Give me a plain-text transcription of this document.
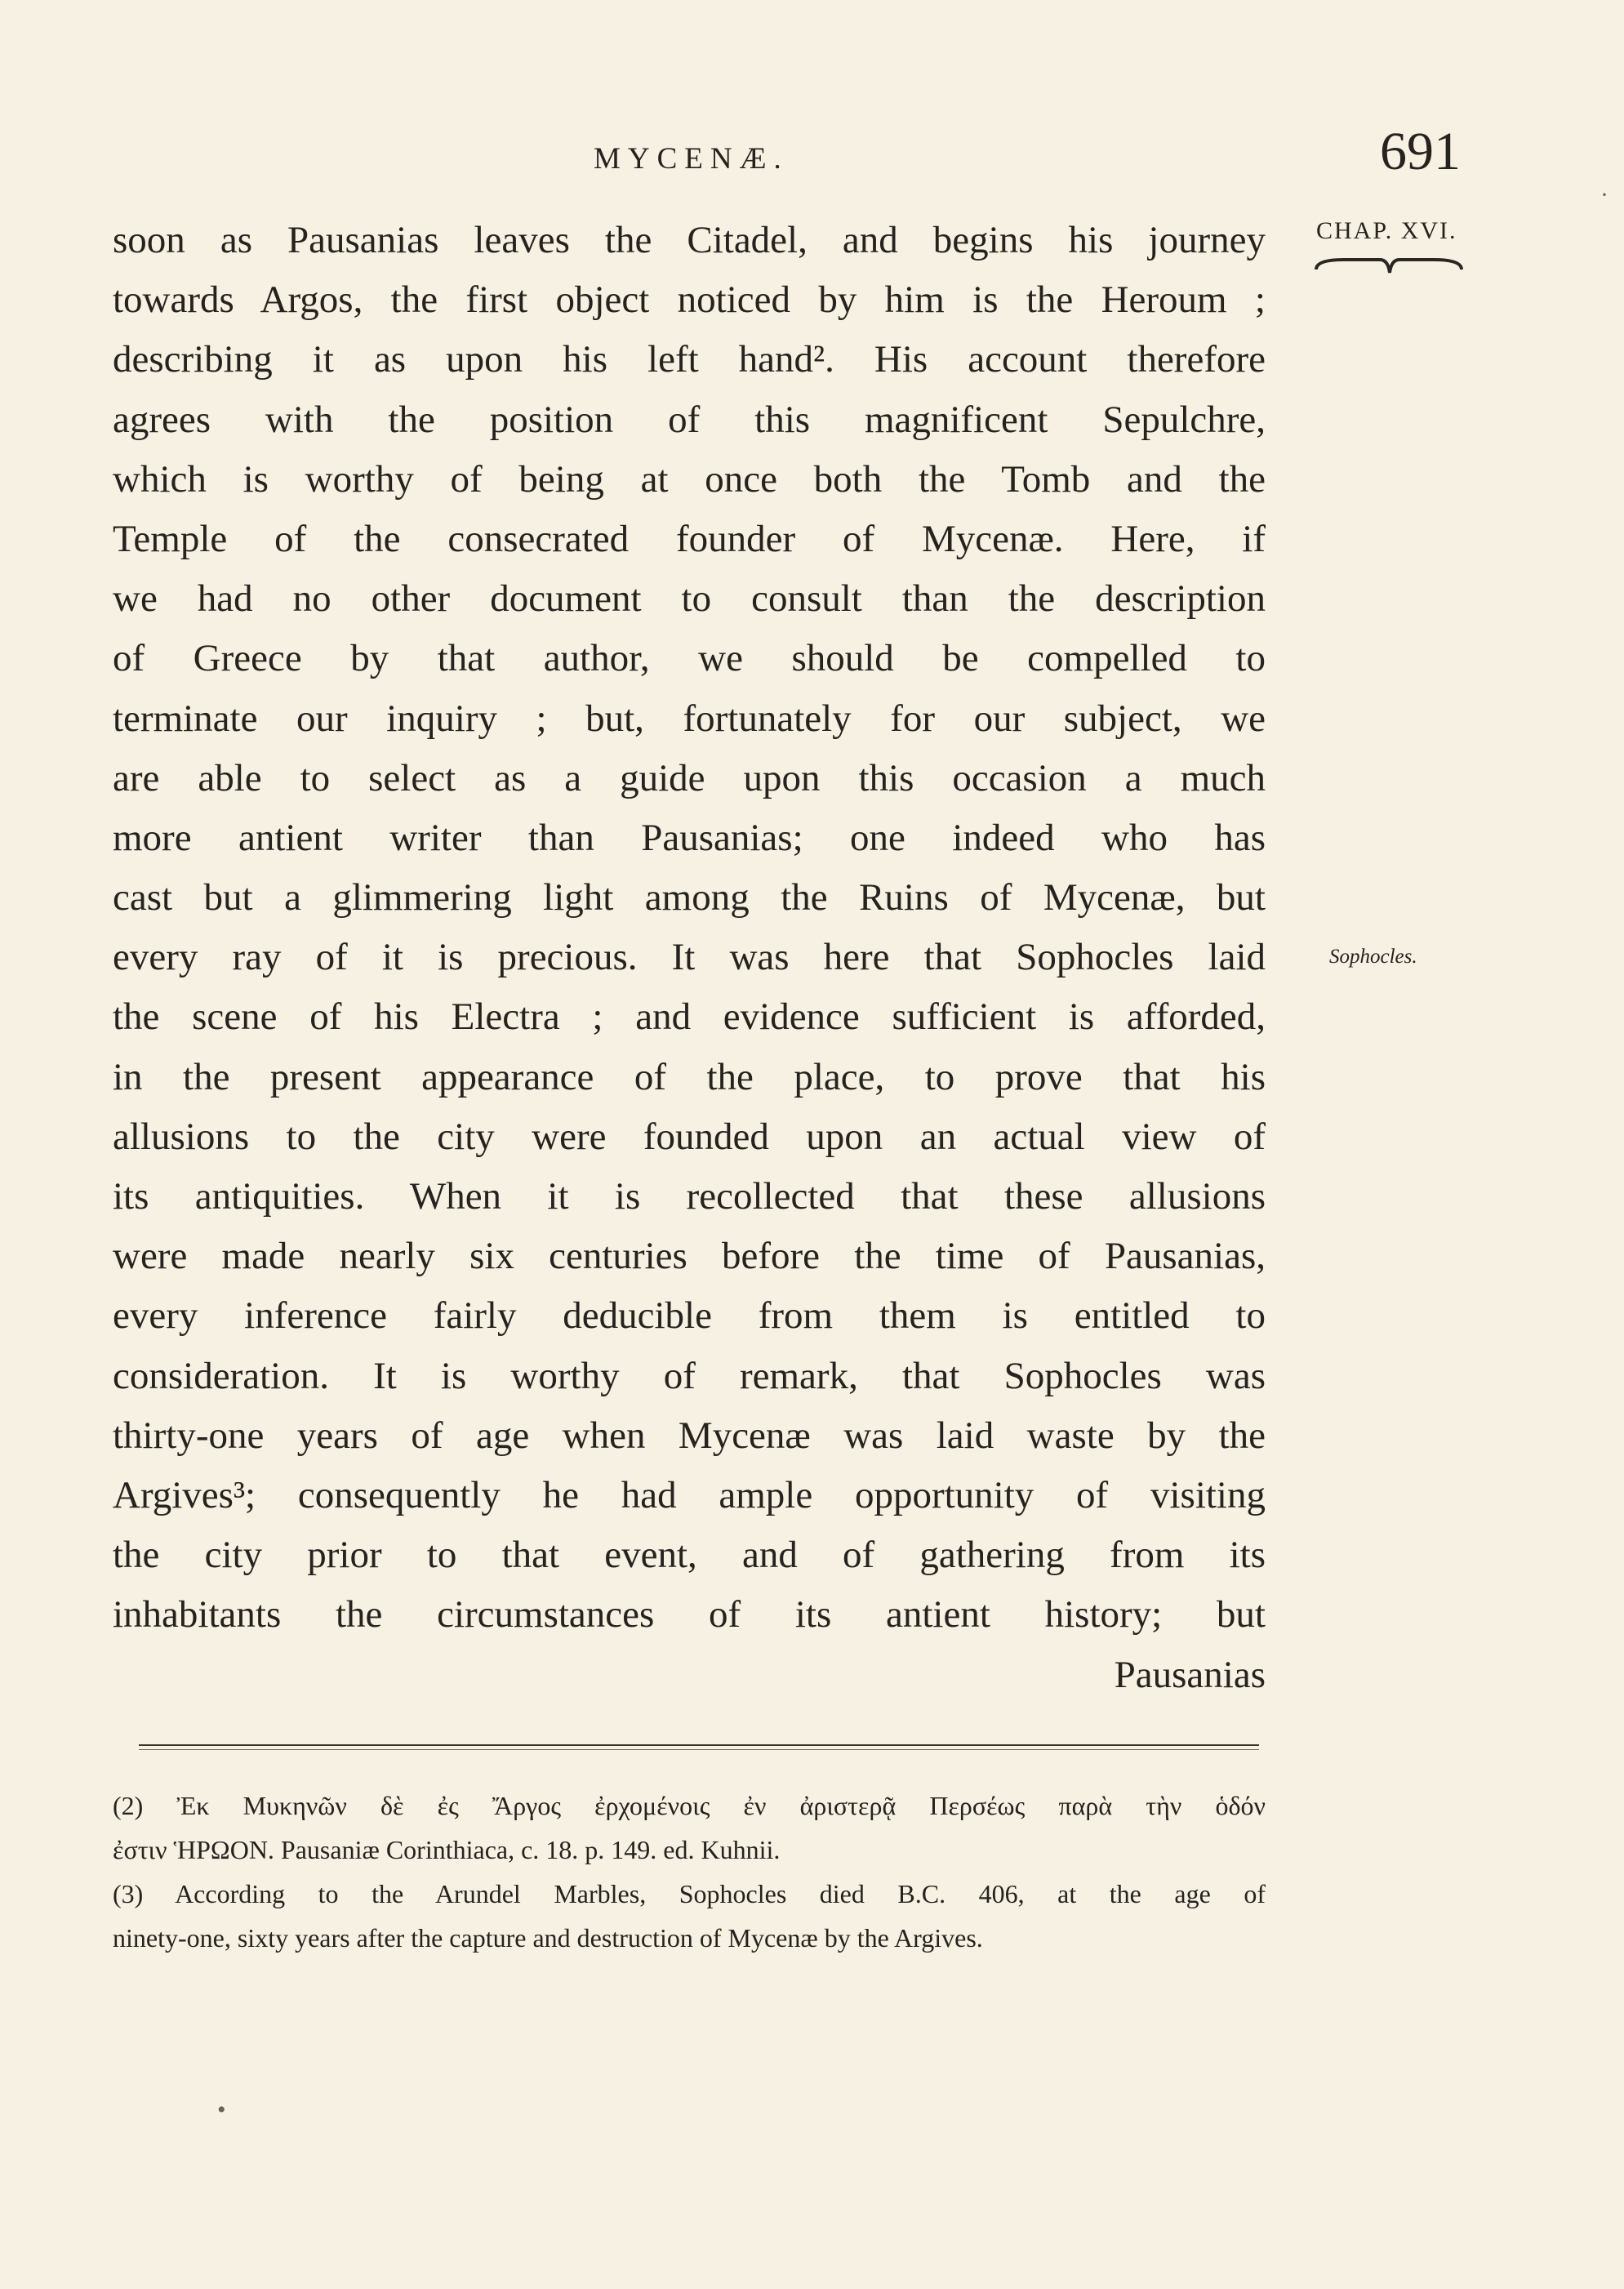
MYCENÆ.	691
CHAP. XVI.
Sophocles.
soon as Pausanias leaves the Citadel, and begins his journey
towards Argos, the first object noticed by him is the Heroum ;
describing it as upon his left hand². His account therefore
agrees with the position of this magnificent Sepulchre,
which is worthy of being at once both the Tomb and the
Temple of the consecrated founder of Mycenæ. Here, if
we had no other document to consult than the description
of Greece by that author, we should be compelled to
terminate our inquiry ; but, fortunately for our subject, we
are able to select as a guide upon this occasion a much
more antient writer than Pausanias; one indeed who has
cast but a glimmering light among the Ruins of Mycenæ, but
every ray of it is precious. It was here that Sophocles laid
the scene of his Electra ; and evidence sufficient is afforded,
in the present appearance of the place, to prove that his
allusions to the city were founded upon an actual view of
its antiquities. When it is recollected that these allusions
were made nearly six centuries before the time of Pausanias,
every inference fairly deducible from them is entitled to
consideration. It is worthy of remark, that Sophocles was
thirty-one years of age when Mycenæ was laid waste by the
Argives³; consequently he had ample opportunity of visiting
the city prior to that event, and of gathering from its
inhabitants the circumstances of its antient history; but
Pausanias
(2) Ἐκ Μυκηνῶν δὲ ἐς Ἄργος ἐρχομένοις ἐν ἀριστερᾷ Περσέως παρὰ τὴν ὁδόν
ἐστιν ἩΡΩΟΝ. Pausaniæ Corinthiaca, c. 18. p. 149. ed. Kuhnii.
(3) According to the Arundel Marbles, Sophocles died B.C. 406, at the age of
ninety-one, sixty years after the capture and destruction of Mycenæ by the Argives.
·
•
